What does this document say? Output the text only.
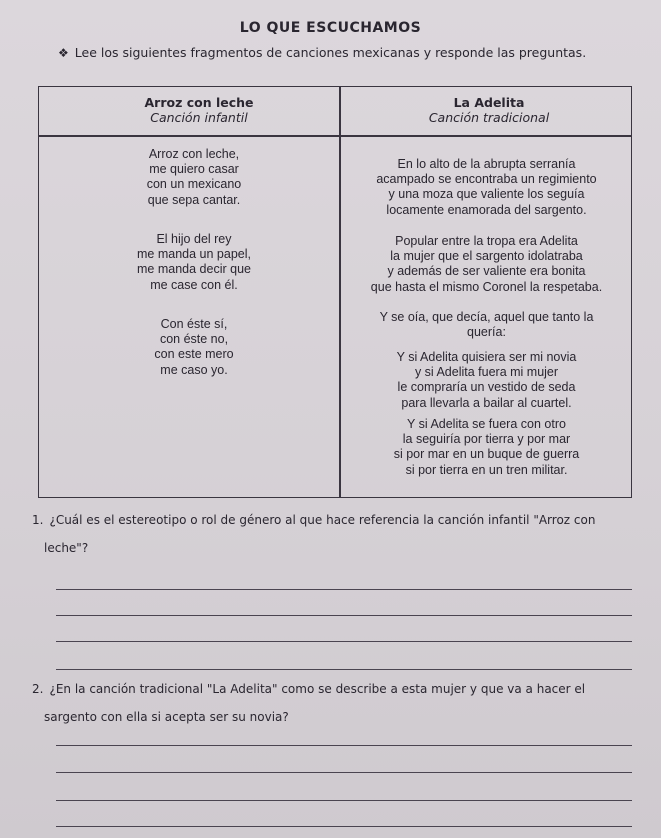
LO QUE ESCUCHAMOS
❖ Lee los siguientes fragmentos de canciones mexicanas y responde las preguntas.
Arroz con leche
Canción infantil
La Adelita
Canción tradicional
Arroz con leche,
me quiero casar
con un mexicano
que sepa cantar.
El hijo del rey
me manda un papel,
me manda decir que
me case con él.
Con éste sí,
con éste no,
con este mero
me caso yo.
En lo alto de la abrupta serranía
acampado se encontraba un regimiento
y una moza que valiente los seguía
locamente enamorada del sargento.
Popular entre la tropa era Adelita
la mujer que el sargento idolatraba
y además de ser valiente era bonita
que hasta el mismo Coronel la respetaba.
Y se oía, que decía, aquel que tanto la
quería:
Y si Adelita quisiera ser mi novia
y si Adelita fuera mi mujer
le compraría un vestido de seda
para llevarla a bailar al cuartel.
Y si Adelita se fuera con otro
la seguiría por tierra y por mar
si por mar en un buque de guerra
si por tierra en un tren militar.
1. ¿Cuál es el estereotipo o rol de género al que hace referencia la canción infantil "Arroz con
leche"?
2. ¿En la canción tradicional "La Adelita" como se describe a esta mujer y que va a hacer el
sargento con ella si acepta ser su novia?
